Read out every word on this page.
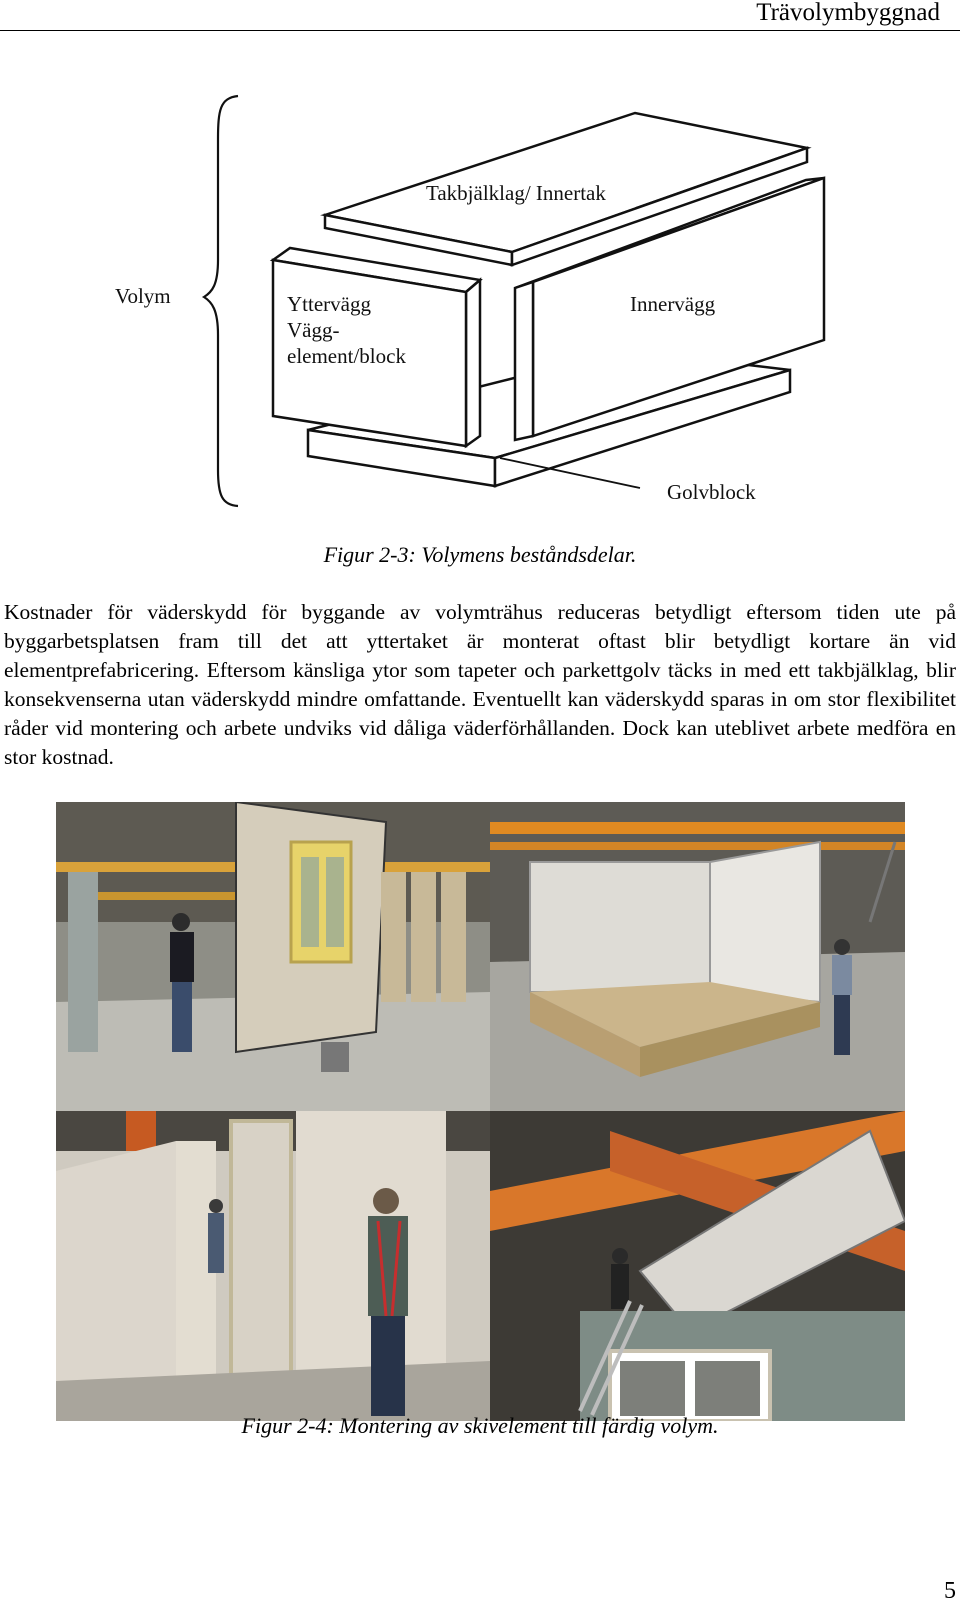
Trävolymbyggnad
Volym
Takbjälklag/ Innertak
Yttervägg
Vägg-
element/block
Innervägg
Golvblock
Figur 2-3: Volymens beståndsdelar.
Kostnader för väderskydd för byggande av volymträhus reduceras betydligt eftersom tiden ute på byggarbetsplatsen fram till det att yttertaket är monterat oftast blir betydligt kortare än vid elementprefabricering. Eftersom känsliga ytor som tapeter och parkettgolv täcks in med ett takbjälklag, blir konsekvenserna utan väderskydd mindre omfattande. Eventuellt kan väderskydd sparas in om stor flexibilitet råder vid montering och arbete undviks vid dåliga väderförhållanden. Dock kan uteblivet arbete medföra en stor kostnad.
Figur 2-4: Montering av skivelement till färdig volym.
5
